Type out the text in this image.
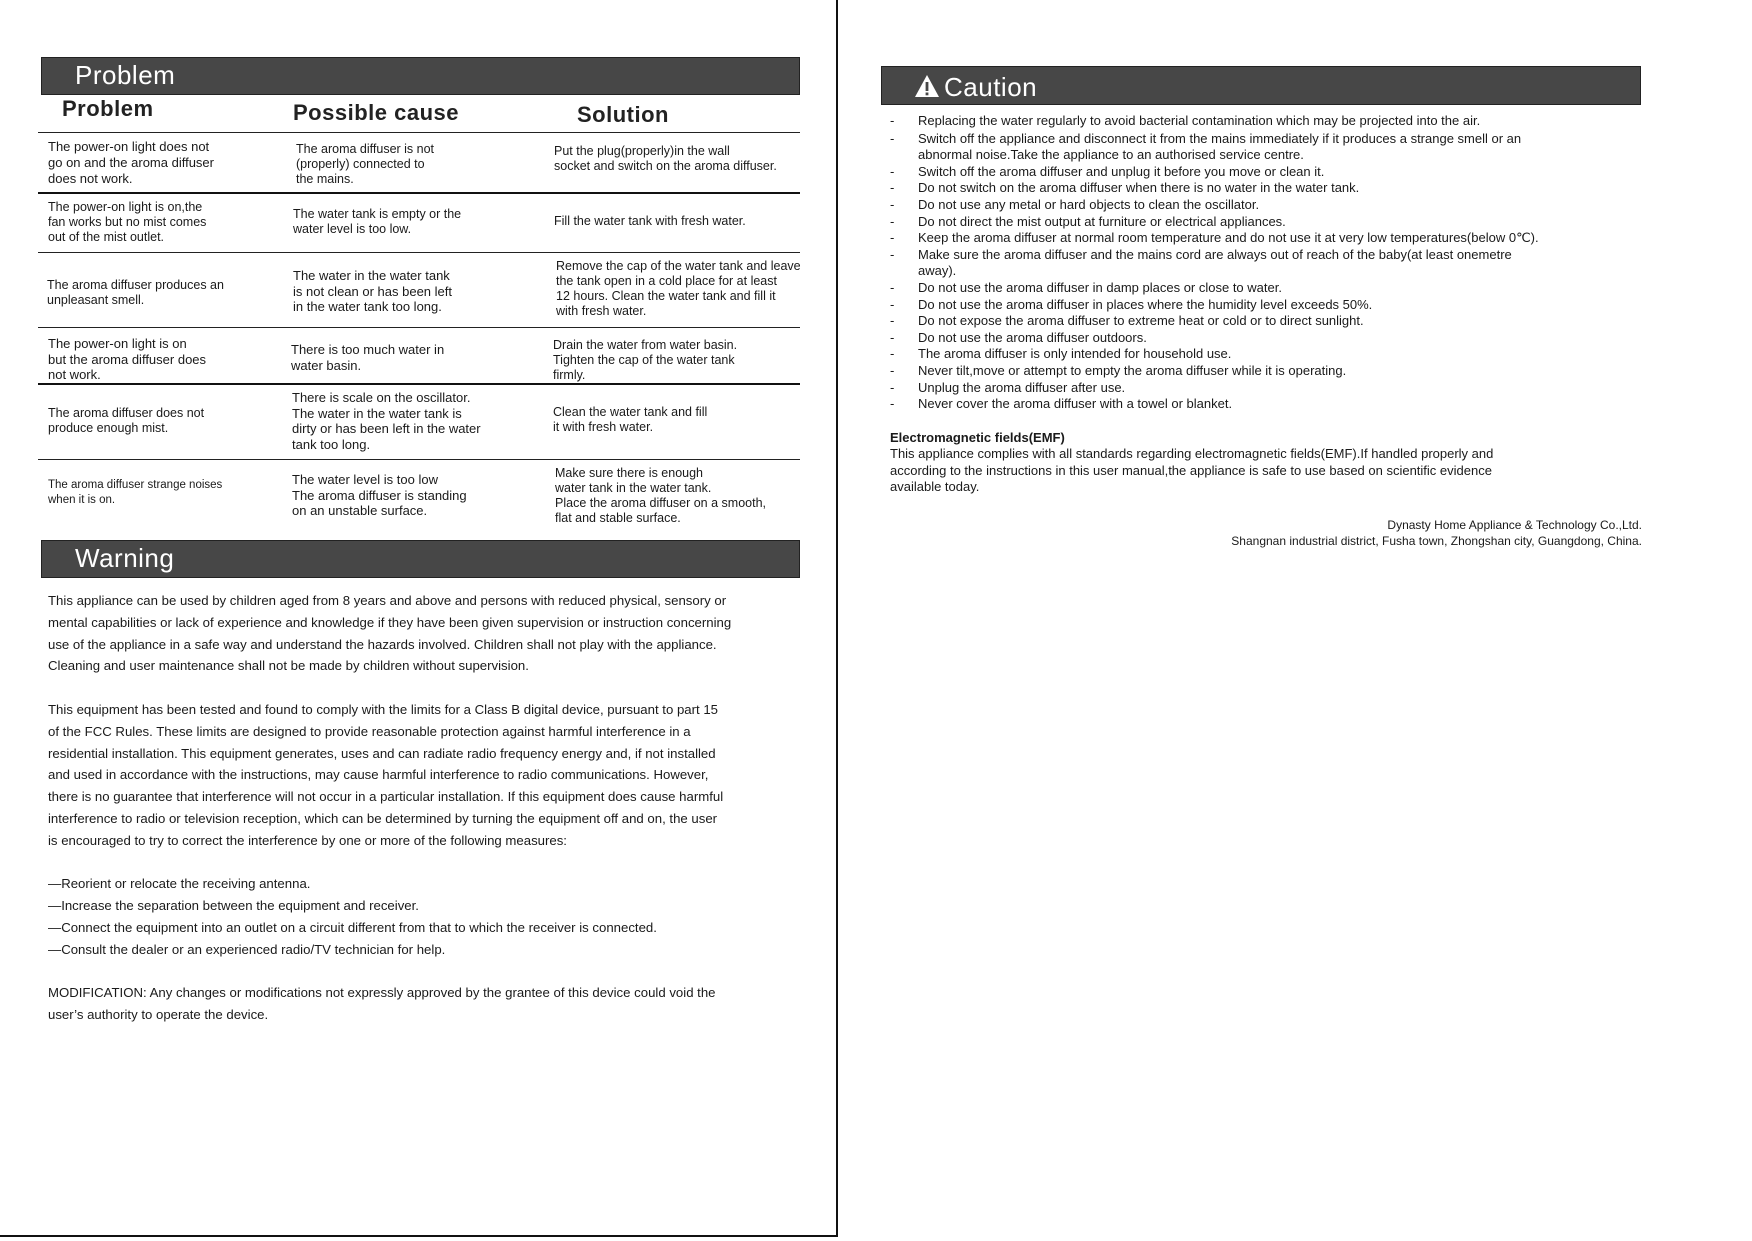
Problem
Problem	Possible cause	Solution
The power-on light does not
go on and the aroma diffuser
does not work.
The aroma diffuser is not
(properly) connected to
the mains.
Put the plug(properly)in the wall
socket and switch on the aroma diffuser.
The power-on light is on,the
fan works but no mist comes
out of the mist outlet.
The water tank is empty or the
water level is too low.
Fill the water tank with fresh water.
The aroma diffuser produces an
unpleasant smell.
The water in the water tank
is not clean or has been left
in the water tank too long.
Remove the cap of the water tank and leave
the tank open in a cold place for at least
12 hours. Clean the water tank and fill it
with fresh water.
The power-on light is on
but the aroma diffuser does
not work.
There is too much water in
water basin.
Drain the water from water basin.
Tighten the cap of the water tank
firmly.
The aroma diffuser does not
produce enough mist.
There is scale on the oscillator.
The water in the water tank is
dirty or has been left in the water
tank too long.
Clean the water tank and fill
it with fresh water.
The aroma diffuser strange noises
when it is on.
The water level is too low
The aroma diffuser is standing
on an unstable surface.
Make sure there is enough
water tank in the water tank.
Place the aroma diffuser on a smooth,
flat and stable surface.
Warning

This appliance can be used by children aged from 8 years and above and persons with reduced physical, sensory or
mental capabilities or lack of experience and knowledge if they have been given supervision or instruction concerning
use of the appliance in a safe way and understand the hazards involved. Children shall not play with the appliance.
Cleaning and user maintenance shall not be made by children without supervision.

This equipment has been tested and found to comply with the limits for a Class B digital device, pursuant to part 15
of the FCC Rules. These limits are designed to provide reasonable protection against harmful interference in a
residential installation. This equipment generates, uses and can radiate radio frequency energy and, if not installed
and used in accordance with the instructions, may cause harmful interference to radio communications. However,
there is no guarantee that interference will not occur in a particular installation. If this equipment does cause harmful
interference to radio or television reception, which can be determined by turning the equipment off and on, the user
is encouraged to try to correct the interference by one or more of the following measures:

—Reorient or relocate the receiving antenna.
—Increase the separation between the equipment and receiver.
—Connect the equipment into an outlet on a circuit different from that to which the receiver is connected.
—Consult the dealer or an experienced radio/TV technician for help.

MODIFICATION: Any changes or modifications not expressly approved by the grantee of this device could void the
user’s authority to operate the device.

Caution
- Replacing the water regularly to avoid bacterial contamination which may be projected into the air.
- Switch off the appliance and disconnect it from the mains immediately if it produces a strange smell or an
abnormal noise.Take the appliance to an authorised service centre.
- Switch off the aroma diffuser and unplug it before you move or clean it.
- Do not switch on the aroma diffuser when there is no water in the water tank.
- Do not use any metal or hard objects to clean the oscillator.
- Do not direct the mist output at furniture or electrical appliances.
- Keep the aroma diffuser at normal room temperature and do not use it at very low temperatures(below 0℃).
- Make sure the aroma diffuser and the mains cord are always out of reach of the baby(at least onemetre
away).
- Do not use the aroma diffuser in damp places or close to water.
- Do not use the aroma diffuser in places where the humidity level exceeds 50%.
- Do not expose the aroma diffuser to extreme heat or cold or to direct sunlight.
- Do not use the aroma diffuser outdoors.
- The aroma diffuser is only intended for household use.
- Never tilt,move or attempt to empty the aroma diffuser while it is operating.
- Unplug the aroma diffuser after use.
- Never cover the aroma diffuser with a towel or blanket.
Electromagnetic fields(EMF)
This appliance complies with all standards regarding electromagnetic fields(EMF).If handled properly and
according to the instructions in this user manual,the appliance is safe to use based on scientific evidence
available today.
Dynasty Home Appliance & Technology Co.,Ltd.
Shangnan industrial district, Fusha town, Zhongshan city, Guangdong, China.
